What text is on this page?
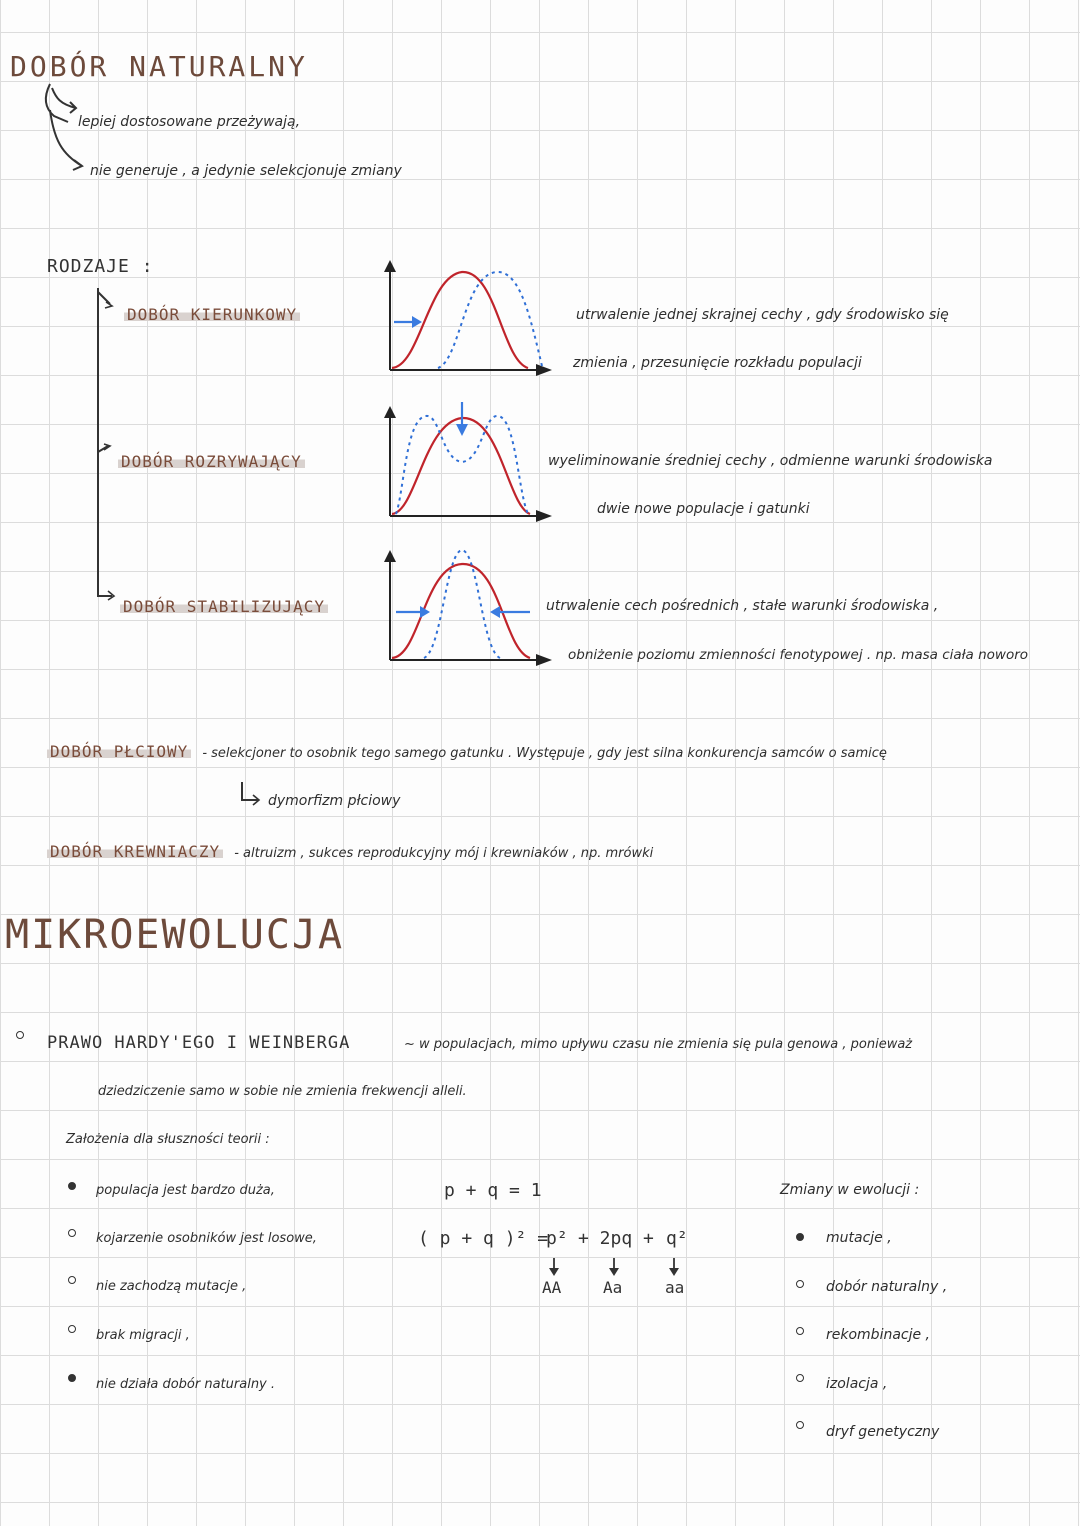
DOBÓR NATURALNY
lepiej dostosowane przeżywają,
nie generuje , a jedynie selekcjonuje zmiany
RODZAJE :
DOBÓR KIERUNKOWY
DOBÓR ROZRYWAJĄCY
DOBÓR STABILIZUJĄCY
utrwalenie jednej skrajnej cechy , gdy środowisko się
zmienia , przesunięcie rozkładu populacji
wyeliminowanie średniej cechy , odmienne warunki środowiska
dwie nowe populacje i gatunki
utrwalenie cech pośrednich , stałe warunki środowiska ,
obniżenie poziomu zmienności fenotypowej . np. masa ciała noworo
DOBÓR PŁCIOWY - selekcjoner to osobnik tego samego gatunku . Występuje , gdy jest silna konkurencja samców o samicę
dymorfizm płciowy
DOBÓR KREWNIACZY - altruizm , sukces reprodukcyjny mój i krewniaków , np. mrówki
MIKROEWOLUCJA
PRAWO HARDY'EGO I WEINBERGA	~ w populacjach, mimo upływu czasu nie zmienia się pula genowa , ponieważ
dziedziczenie samo w sobie nie zmienia frekwencji alleli.
Założenia dla słuszności teorii :
populacja jest bardzo duża,
kojarzenie osobników jest losowe,
nie zachodzą mutacje ,
brak migracji ,
nie działa dobór naturalny .
p + q = 1
( p + q )² =
p² + 2pq + q²
AA	Aa	aa
Zmiany w ewolucji :
mutacje ,
dobór naturalny ,
rekombinacje ,
izolacja ,
dryf genetyczny
